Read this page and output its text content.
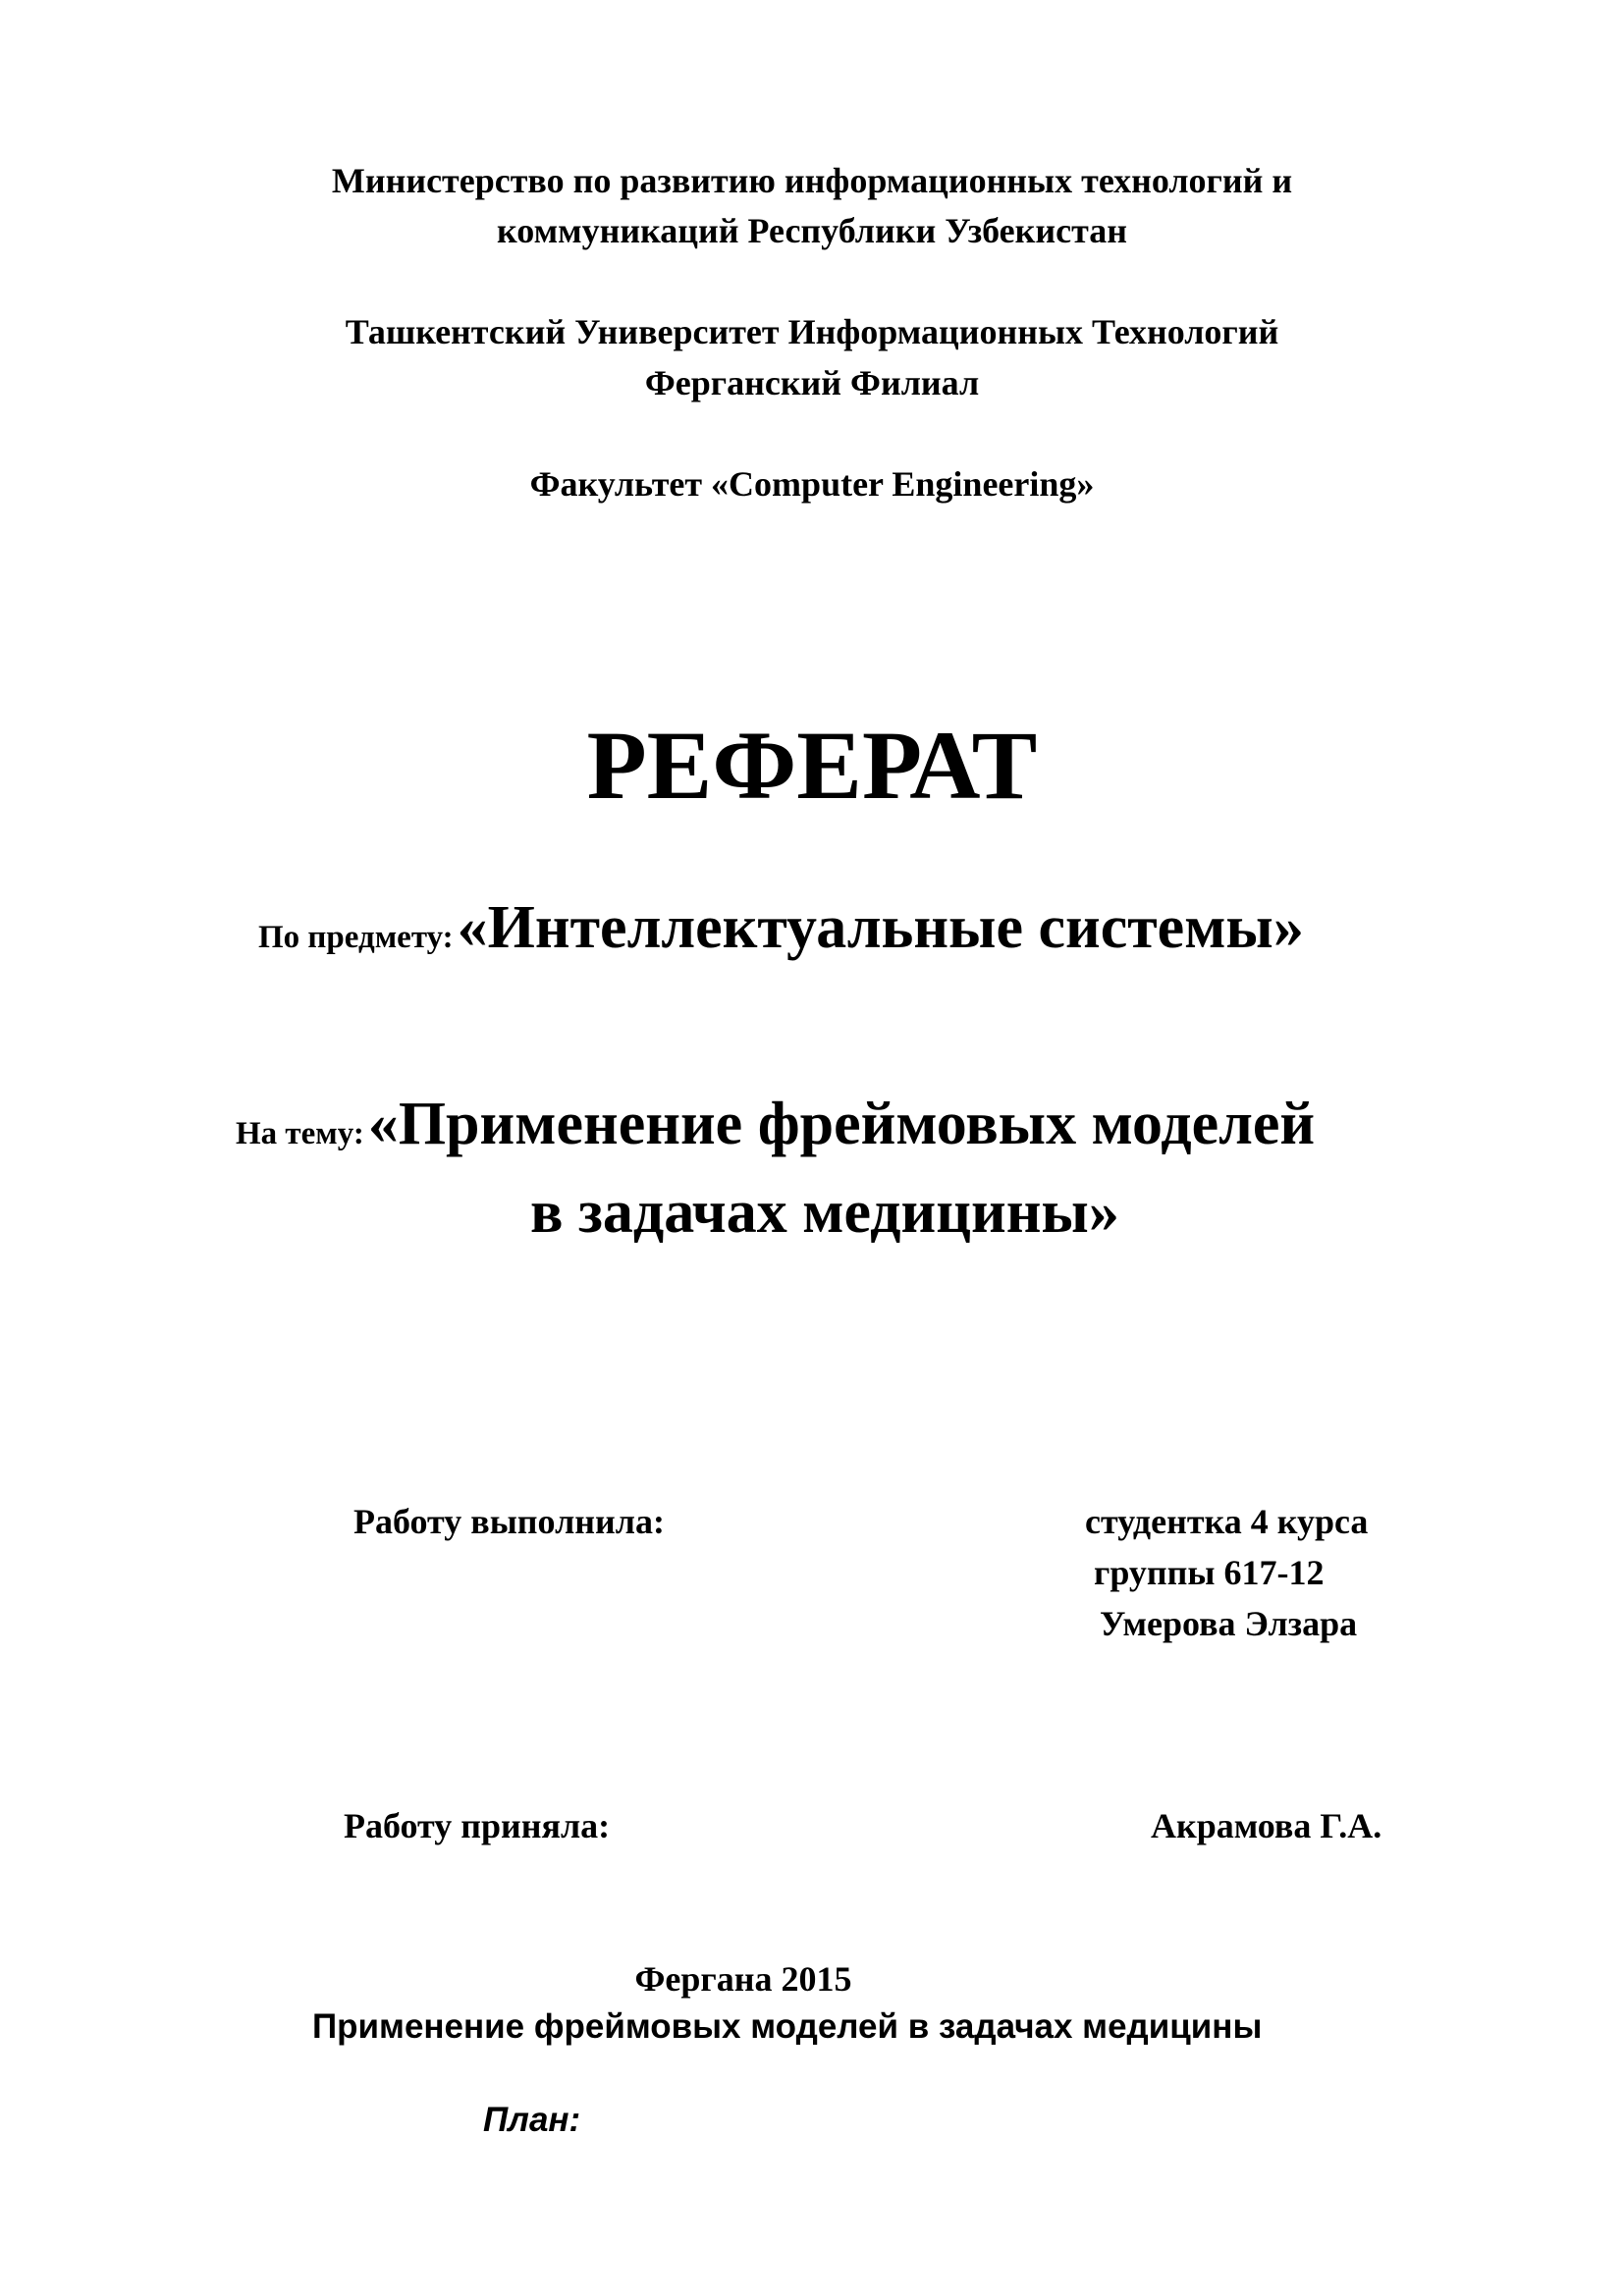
Министерство по развитию информационных технологий и

коммуникаций Республики Узбекистан

Ташкентский Университет Информационных Технологий

Ферганский Филиал

Факультет «Computer Engineering»

РЕФЕРАТ

По предмету: «Интеллектуальные системы»

На тему: «Применение фреймовых моделей

в задачах медицины»

Работу выполнила:	студентка 4 курса

группы 617-12

Умерова Элзара

Работу приняла:	Акрамова Г.А.

Фергана 2015

Применение фреймовых моделей в задачах медицины

План:
